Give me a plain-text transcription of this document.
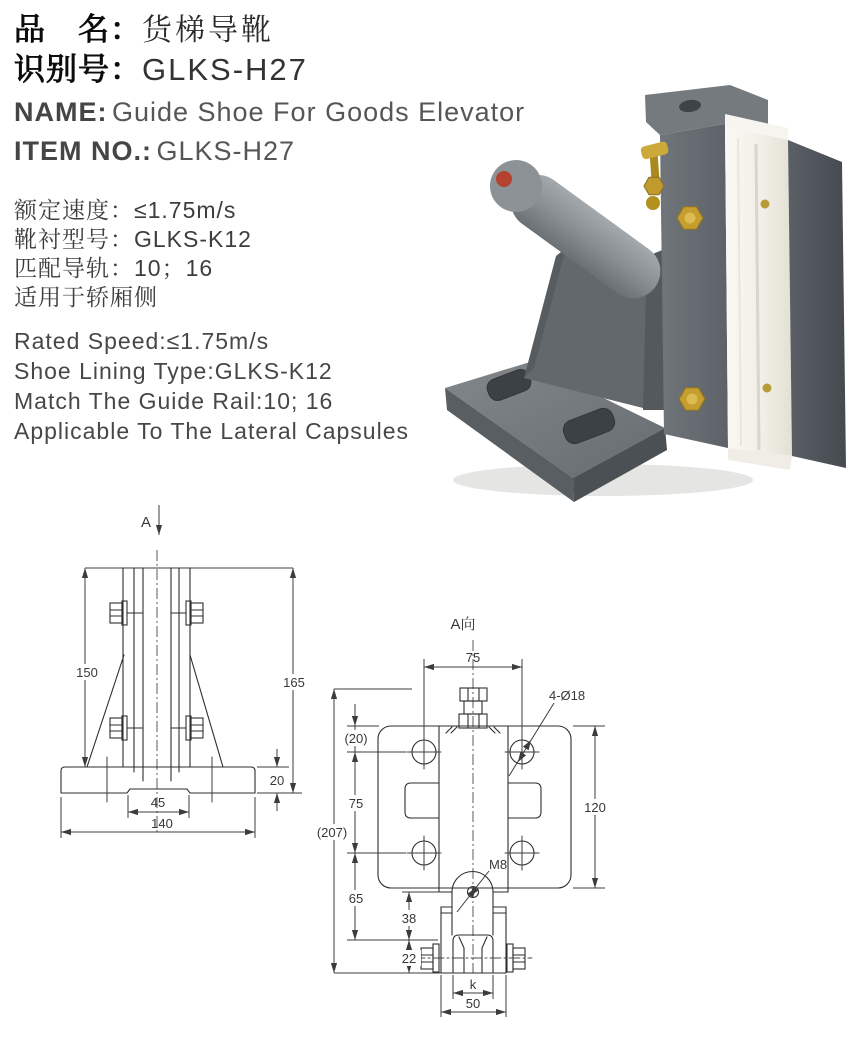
品　名：货梯导靴
识别号：GLKS-H27
NAME: Guide Shoe For Goods Elevator
ITEM NO.: GLKS-H27
额定速度：≤1.75m/s
靴衬型号：GLKS-K12
匹配导轨：10；16
适用于轿厢侧
Rated Speed:≤1.75m/s
Shoe Lining Type:GLKS-K12
Match The Guide Rail:10; 16
Applicable To The Lateral Capsules
A
150
165
20
45
140
A向
75
(207)
(20)
75
65
38
22
120
4-Ø18
M8
k
50
